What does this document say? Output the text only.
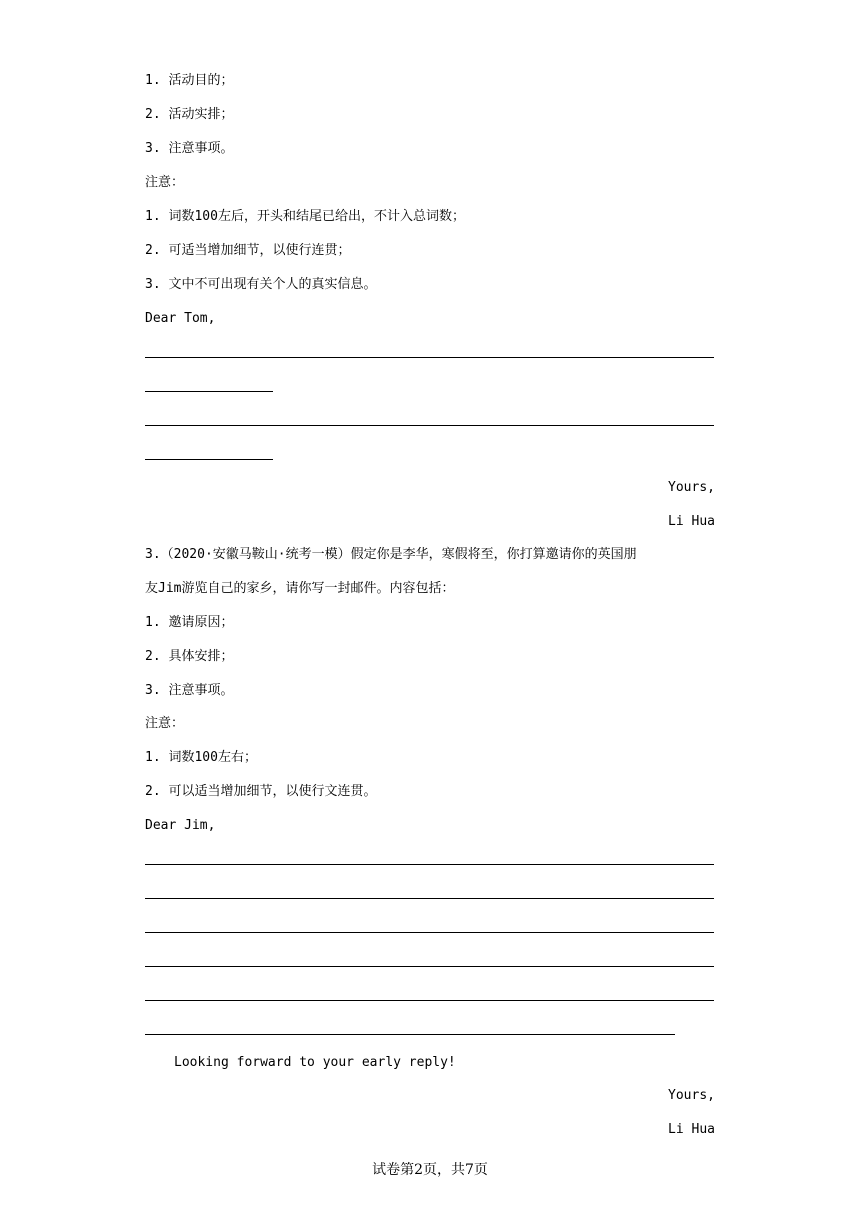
1. 活动目的；
2. 活动实排；
3. 注意事项。
注意：
1. 词数100左后，开头和结尾已给出，不计入总词数；
2. 可适当增加细节，以使行连贯；
3. 文中不可出现有关个人的真实信息。
Dear Tom,
Yours,
Li Hua
3.（2020·安徽马鞍山·统考一模）假定你是李华，寒假将至，你打算邀请你的英国朋
友Jim游览自己的家乡，请你写一封邮件。内容包括：
1. 邀请原因；
2. 具体安排；
3. 注意事项。
注意：
1. 词数100左右；
2. 可以适当增加细节，以使行文连贯。
Dear Jim,
Looking forward to your early reply!
Yours,
Li Hua
试卷第2页，共7页
